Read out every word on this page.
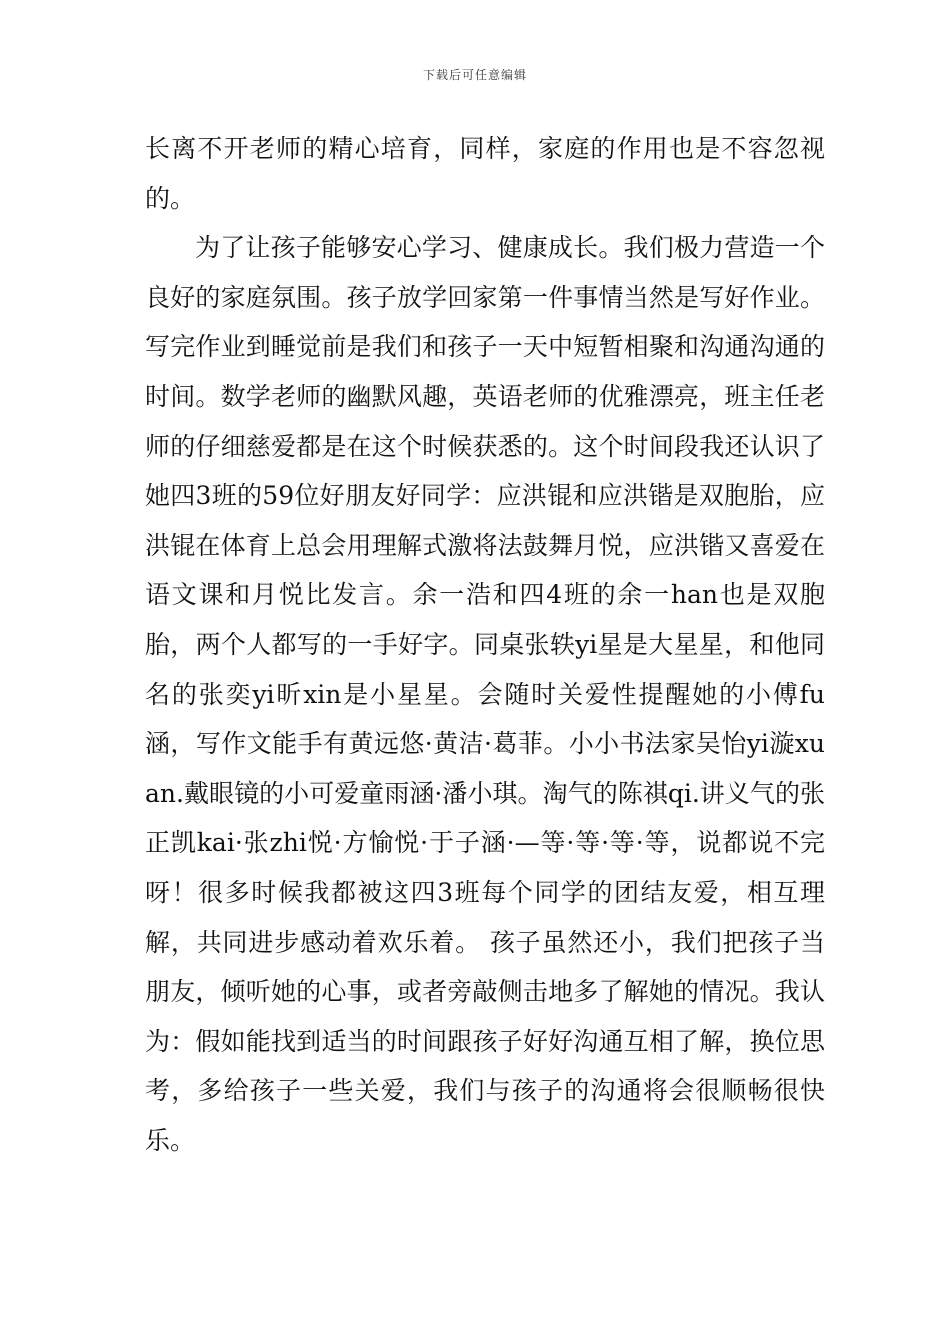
下载后可任意编辑

长离不开老师的精心培育，同样，家庭的作用也是不容忽视的。

为了让孩子能够安心学习、健康成长。我们极力营造一个良好的家庭氛围。孩子放学回家第一件事情当然是写好作业。写完作业到睡觉前是我们和孩子一天中短暂相聚和沟通沟通的时间。数学老师的幽默风趣，英语老师的优雅漂亮，班主任老师的仔细慈爱都是在这个时候获悉的。这个时间段我还认识了她四3班的59位好朋友好同学：应洪锟和应洪锴是双胞胎，应洪锟在体育上总会用理解式激将法鼓舞月悦，应洪锴又喜爱在语文课和月悦比发言。余一浩和四4班的余一han也是双胞胎，两个人都写的一手好字。同桌张轶yi星是大星星，和他同名的张奕yi昕xin是小星星。会随时关爱性提醒她的小傅fu涵，写作文能手有黄远悠·黄洁·葛菲。小小书法家吴怡yi漩xuan.戴眼镜的小可爱童雨涵·潘小琪。淘气的陈祺qi.讲义气的张正凯kai·张zhi悦·方愉悦·于子涵·—等·等·等·等，说都说不完呀！很多时候我都被这四3班每个同学的团结友爱，相互理解，共同进步感动着欢乐着。 孩子虽然还小，我们把孩子当朋友，倾听她的心事，或者旁敲侧击地多了解她的情况。我认为：假如能找到适当的时间跟孩子好好沟通互相了解，换位思考，多给孩子一些关爱，我们与孩子的沟通将会很顺畅很快乐。
